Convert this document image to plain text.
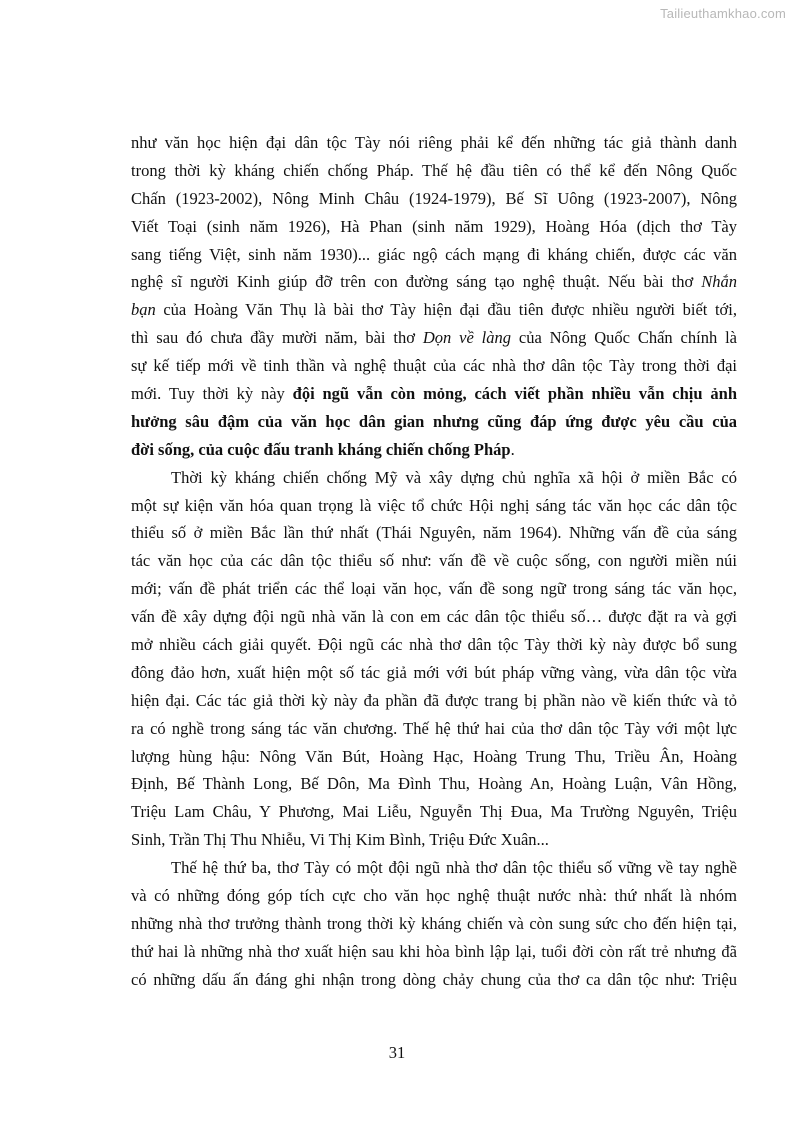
Tailieuthamkhao.com
như văn học hiện đại dân tộc Tày nói riêng phải kể đến những tác giả thành danh
trong thời kỳ kháng chiến chống Pháp. Thế hệ đầu tiên có thể kể đến Nông Quốc
Chấn (1923-2002), Nông Minh Châu (1924-1979), Bế Sĩ Uông (1923-2007), Nông
Viết Toại (sinh năm 1926), Hà Phan (sinh năm 1929), Hoàng Hóa (dịch thơ Tày
sang tiếng Việt, sinh năm 1930)... giác ngộ cách mạng đi kháng chiến, được các văn
nghệ sĩ người Kinh giúp đỡ trên con đường sáng tạo nghệ thuật. Nếu bài thơ Nhắn
bạn của Hoàng Văn Thụ là bài thơ Tày hiện đại đầu tiên được nhiều người biết tới,
thì sau đó chưa đầy mười năm, bài thơ Dọn về làng của Nông Quốc Chấn chính là
sự kế tiếp mới về tinh thần và nghệ thuật của các nhà thơ dân tộc Tày trong thời đại
mới. Tuy thời kỳ này đội ngũ vẫn còn mỏng, cách viết phần nhiều vẫn chịu ảnh
hưởng sâu đậm của văn học dân gian nhưng cũng đáp ứng được yêu cầu của
đời sống, của cuộc đấu tranh kháng chiến chống Pháp.
Thời kỳ kháng chiến chống Mỹ và xây dựng chủ nghĩa xã hội ở miền Bắc có
một sự kiện văn hóa quan trọng là việc tổ chức Hội nghị sáng tác văn học các dân tộc
thiểu số ở miền Bắc lần thứ nhất (Thái Nguyên, năm 1964). Những vấn đề của sáng
tác văn học của các dân tộc thiểu số như: vấn đề về cuộc sống, con người miền núi
mới; vấn đề phát triển các thể loại văn học, vấn đề song ngữ trong sáng tác văn học,
vấn đề xây dựng đội ngũ nhà văn là con em các dân tộc thiểu số… được đặt ra và gợi
mở nhiều cách giải quyết. Đội ngũ các nhà thơ dân tộc Tày thời kỳ này được bổ sung
đông đảo hơn, xuất hiện một số tác giả mới với bút pháp vững vàng, vừa dân tộc vừa
hiện đại. Các tác giả thời kỳ này đa phần đã được trang bị phần nào về kiến thức và tỏ
ra có nghề trong sáng tác văn chương. Thế hệ thứ hai của thơ dân tộc Tày với một lực
lượng hùng hậu: Nông Văn Bút, Hoàng Hạc, Hoàng Trung Thu, Triều Ân, Hoàng
Định, Bế Thành Long, Bế Dôn, Ma Đình Thu, Hoàng An, Hoàng Luận, Vân Hồng,
Triệu Lam Châu, Y Phương, Mai Liễu, Nguyễn Thị Đua, Ma Trường Nguyên, Triệu
Sinh, Trần Thị Thu Nhiễu, Vi Thị Kim Bình, Triệu Đức Xuân...
Thế hệ thứ ba, thơ Tày có một đội ngũ nhà thơ dân tộc thiểu số vững về tay nghề
và có những đóng góp tích cực cho văn học nghệ thuật nước nhà: thứ nhất là nhóm
những nhà thơ trưởng thành trong thời kỳ kháng chiến và còn sung sức cho đến hiện tại,
thứ hai là những nhà thơ xuất hiện sau khi hòa bình lập lại, tuổi đời còn rất trẻ nhưng đã
có những dấu ấn đáng ghi nhận trong dòng chảy chung của thơ ca dân tộc như: Triệu
31
